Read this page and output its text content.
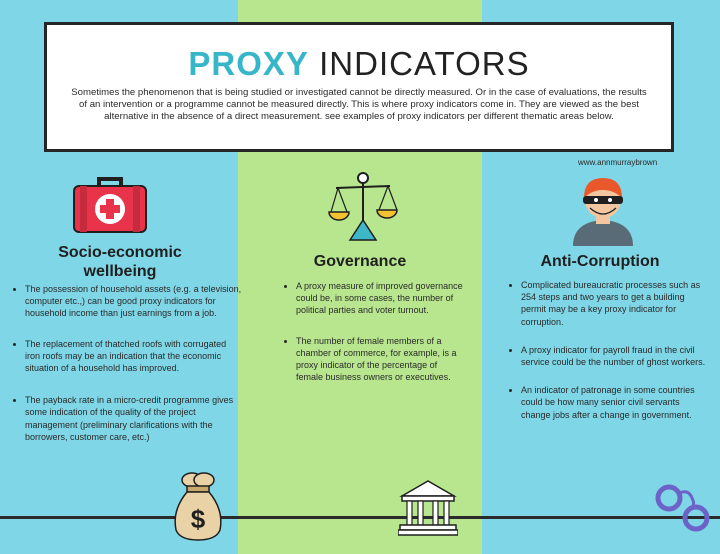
PROXY INDICATORS
Sometimes the phenomenon that is being studied or investigated cannot be directly measured. Or in the case of evaluations, the results of an intervention or a programme cannot be measured directly. This is where proxy indicators come in. They are viewed as the best alternative in the absence of a direct measurement. see examples of proxy indicators per different thematic areas below.
www.annmurraybrown
Socio-economic wellbeing
Governance	Anti-Corruption
• The possession of household assets (e.g. a television, computer etc.,) can be good proxy indicators for household income than just earnings from a job.
• The replacement of thatched roofs with corrugated iron roofs may be an indication that the economic situation of a household has improved.
• The payback rate in a micro-credit programme gives some indication of the quality of the project management (preliminary clarifications with the borrowers, customer care, etc.)
• A proxy measure of improved governance could be, in some cases, the number of political parties and voter turnout.
• The number of female members of a chamber of commerce, for example, is a proxy indicator of the percentage of female business owners or executives.
• Complicated bureaucratic processes such as 254 steps and two years to get a building permit may be a key proxy indicator for corruption.
• A proxy indicator for payroll fraud in the civil service could be the number of ghost workers.
• An indicator of patronage in some countries could be how many senior civil servants change jobs after a change in government.
$
